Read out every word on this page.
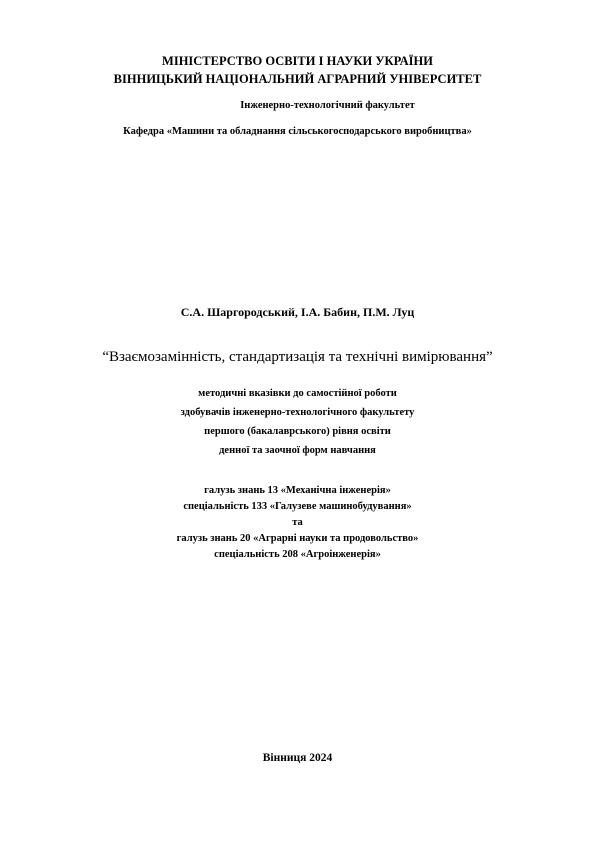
МІНІСТЕРСТВО ОСВІТИ І НАУКИ УКРАЇНИ
ВІННИЦЬКИЙ НАЦІОНАЛЬНИЙ АГРАРНИЙ УНІВЕРСИТЕТ
Інженерно-технологічний факультет
Кафедра «Машини та обладнання сільськогосподарського виробництва»
С.А. Шаргородський, І.А. Бабин, П.М. Луц
“Взаємозамінність, стандартизація та технічні вимірювання”
методичні вказівки до самостійної роботи
здобувачів інженерно-технологічного факультету
першого (бакалаврського) рівня освіти
денної та заочної форм навчання
галузь знань 13 «Механічна інженерія»
спеціальність 133 «Галузеве машинобудування»
та
галузь знань 20 «Аграрні науки та продовольство»
спеціальність 208 «Агроінженерія»
Вінниця 2024
